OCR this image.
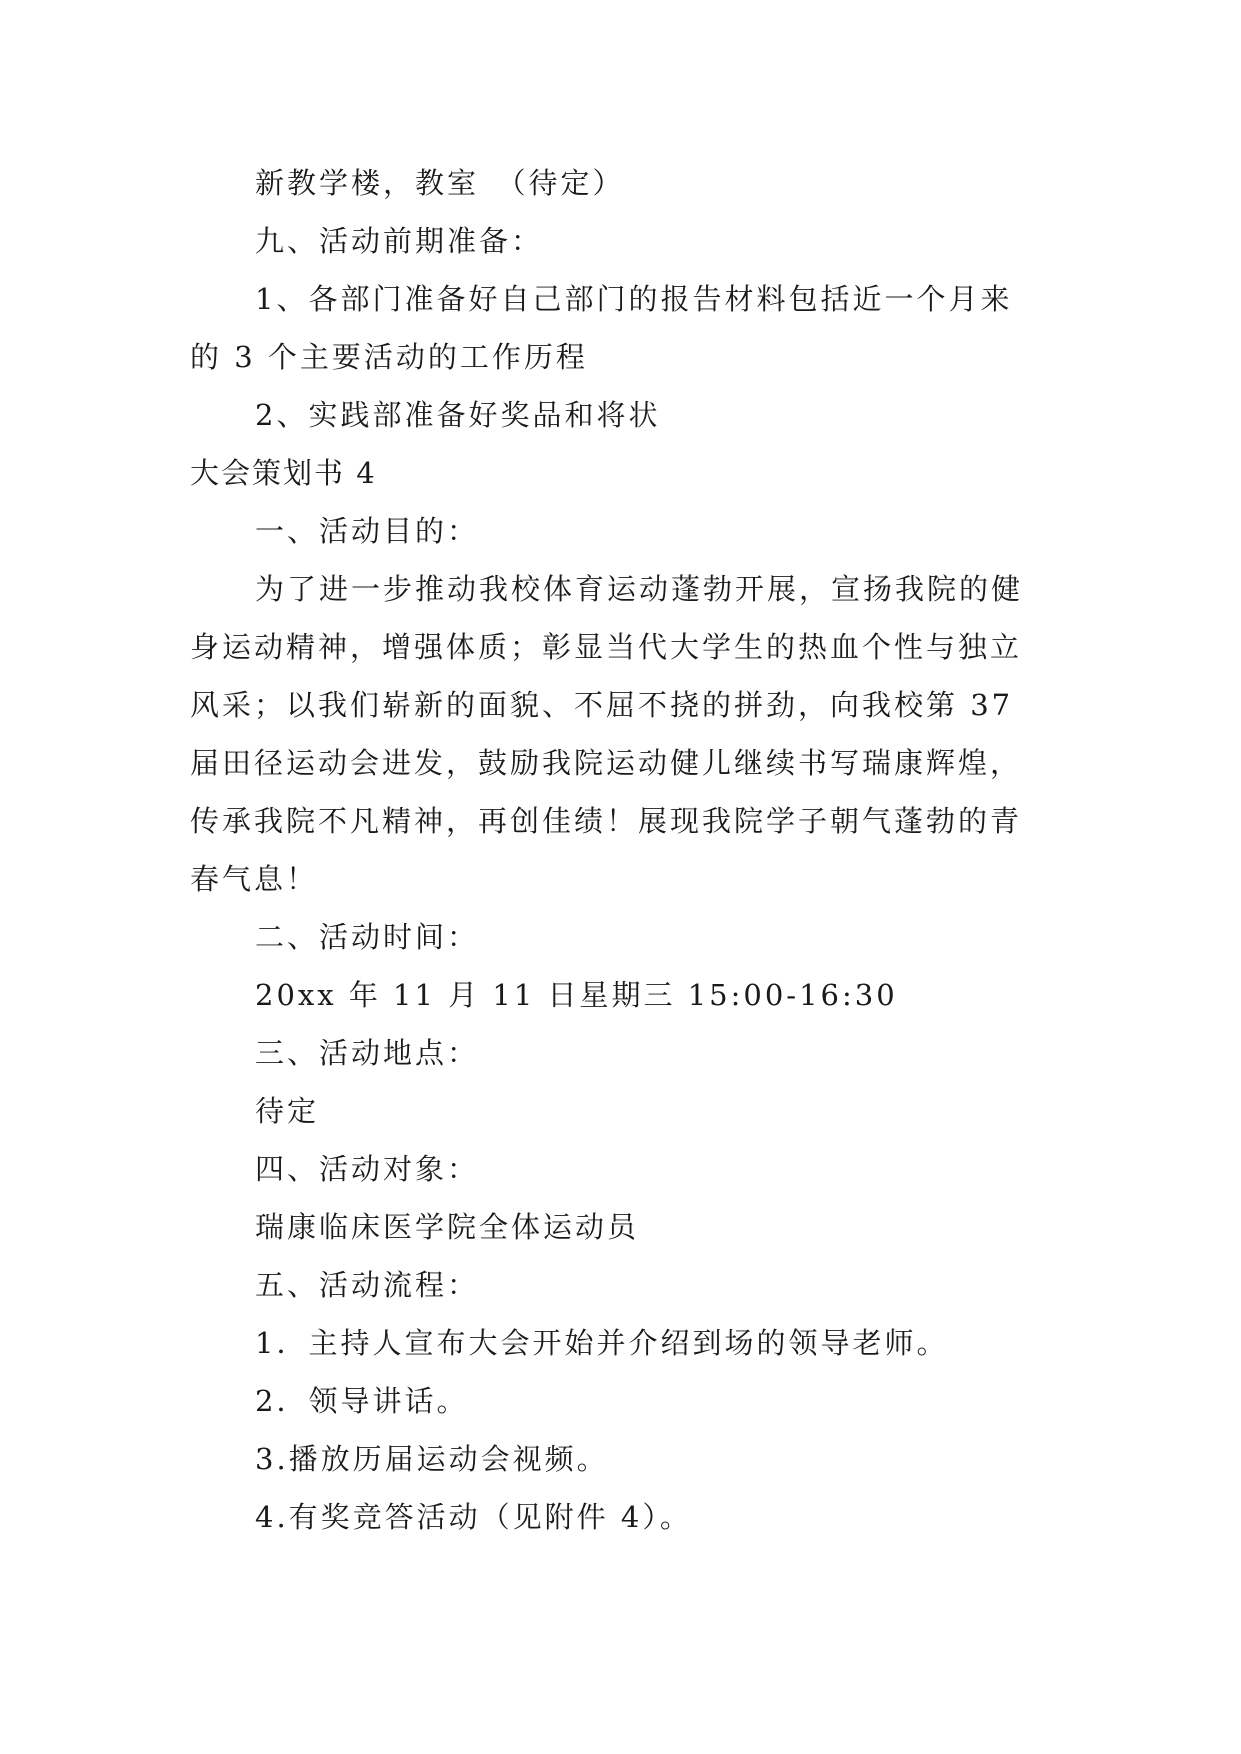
新教学楼，教室　（待定）
九、活动前期准备：
1、各部门准备好自己部门的报告材料包括近一个月来
的 3 个主要活动的工作历程
2、实践部准备好奖品和将状
大会策划书 4
一、活动目的：
为了进一步推动我校体育运动蓬勃开展，宣扬我院的健
身运动精神，增强体质；彰显当代大学生的热血个性与独立
风采；以我们崭新的面貌、不屈不挠的拼劲，向我校第 37
届田径运动会进发，鼓励我院运动健儿继续书写瑞康辉煌，
传承我院不凡精神，再创佳绩！展现我院学子朝气蓬勃的青
春气息！
二、活动时间：
20xx 年 11 月 11 日星期三 15:00-16:30
三、活动地点：
待定
四、活动对象：
瑞康临床医学院全体运动员
五、活动流程：
1．主持人宣布大会开始并介绍到场的领导老师。
2．领导讲话。
3.播放历届运动会视频。
4.有奖竞答活动（见附件 4）。
